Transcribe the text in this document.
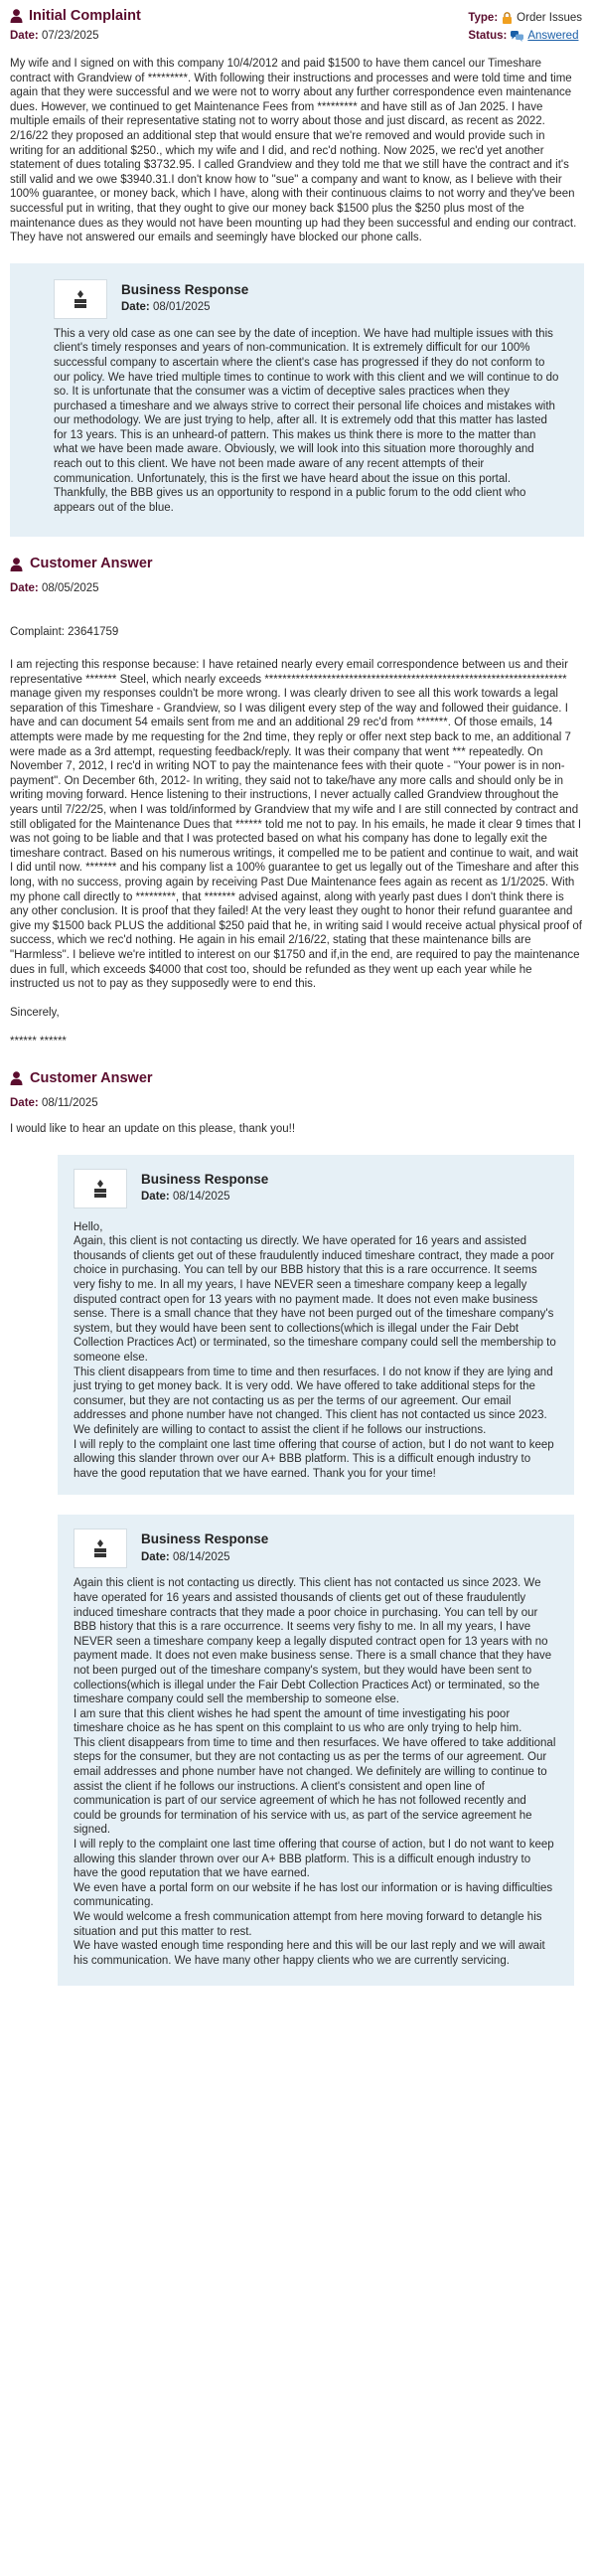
Initial Complaint
Date: 07/23/2025
Type: Order Issues
Status: Answered

My wife and I signed on with this company 10/4/2012 and paid $1500 to have them cancel our Timeshare contract with Grandview of *********. With following their instructions and processes and were told time and time again that they were successful and we were not to worry about any further correspondence even maintenance dues. However, we continued to get Maintenance Fees from ********* and have still as of Jan 2025. I have multiple emails of their representative stating not to worry about those and just discard, as recent as 2022. 2/16/22 they proposed an additional step that would ensure that we're removed and would provide such in writing for an additional $250., which my wife and I did, and rec'd nothing. Now 2025, we rec'd yet another statement of dues totaling $3732.95. I called Grandview and they told me that we still have the contract and it's still valid and we owe $3940.31.I don't know how to "sue" a company and want to know, as I believe with their 100% guarantee, or money back, which I have, along with their continuous claims to not worry and they've been successful put in writing, that they ought to give our money back $1500 plus the $250 plus most of the maintenance dues as they would not have been mounting up had they been successful and ending our contract. They have not answered our emails and seemingly have blocked our phone calls.

Business Response
Date: 08/01/2025
This a very old case as one can see by the date of inception. We have had multiple issues with this client's timely responses and years of non-communication. It is extremely difficult for our 100% successful company to ascertain where the client's case has progressed if they do not conform to our policy. We have tried multiple times to continue to work with this client and we will continue to do so. It is unfortunate that the consumer was a victim of deceptive sales practices when they purchased a timeshare and we always strive to correct their personal life choices and mistakes with our methodology. We are just trying to help, after all. It is extremely odd that this matter has lasted for 13 years. This is an unheard-of pattern. This makes us think there is more to the matter than what we have been made aware. Obviously, we will look into this situation more thoroughly and reach out to this client. We have not been made aware of any recent attempts of their communication. Unfortunately, this is the first we have heard about the issue on this portal. Thankfully, the BBB gives us an opportunity to respond in a public forum to the odd client who appears out of the blue.
Customer Answer
Date: 08/05/2025
Complaint: 23641759
I am rejecting this response because: I have retained nearly every email correspondence between us and their representative ******* Steel, which nearly exceeds ******************************************************************** manage given my responses couldn't be more wrong. I was clearly driven to see all this work towards a legal separation of this Timeshare - Grandview, so I was diligent every step of the way and followed their guidance. I have and can document 54 emails sent from me and an additional 29 rec'd from *******. Of those emails, 14 attempts were made by me requesting for the 2nd time, they reply or offer next step back to me, an additional 7 were made as a 3rd attempt, requesting feedback/reply. It was their company that went *** repeatedly. On November 7, 2012, I rec'd in writing NOT to pay the maintenance fees with their quote - "Your power is in non-payment". On December 6th, 2012- In writing, they said not to take/have any more calls and should only be in writing moving forward. Hence listening to their instructions, I never actually called Grandview throughout the years until 7/22/25, when I was told/informed by Grandview that my wife and I are still connected by contract and still obligated for the Maintenance Dues that ****** told me not to pay. In his emails, he made it clear 9 times that I was not going to be liable and that I was protected based on what his company has done to legally exit the timeshare contract. Based on his numerous writings, it compelled me to be patient and continue to wait, and wait I did until now. ******* and his company list a 100% guarantee to get us legally out of the Timeshare and after this long, with no success, proving again by receiving Past Due Maintenance fees again as recent as 1/1/2025. With my phone call directly to *********, that ******* advised against, along with yearly past dues I don't think there is any other conclusion. It is proof that they failed! At the very least they ought to honor their refund guarantee and give my $1500 back PLUS the additional $250 paid that he, in writing said I would receive actual physical proof of success, which we rec'd nothing. He again in his email 2/16/22, stating that these maintenance bills are "Harmless". I believe we're intitled to interest on our $1750 and if,in the end, are required to pay the maintenance dues in full, which exceeds $4000 that cost too, should be refunded as they went up each year while he instructed us not to pay as they supposedly were to end this.

Sincerely,

****** ******
Customer Answer
Date: 08/11/2025
I would like to hear an update on this please, thank you!!
Business Response
Date: 08/14/2025
Hello,
Again, this client is not contacting us directly. We have operated for 16 years and assisted thousands of clients get out of these fraudulently induced timeshare contract, they made a poor choice in purchasing. You can tell by our BBB history that this is a rare occurrence. It seems very fishy to me. In all my years, I have NEVER seen a timeshare company keep a legally disputed contract open for 13 years with no payment made. It does not even make business sense. There is a small chance that they have not been purged out of the timeshare company's system, but they would have been sent to collections(which is illegal under the Fair Debt Collection Practices Act) or terminated, so the timeshare company could sell the membership to someone else.
This client disappears from time to time and then resurfaces. I do not know if they are lying and just trying to get money back. It is very odd. We have offered to take additional steps for the consumer, but they are not contacting us as per the terms of our agreement. Our email addresses and phone number have not changed. This client has not contacted us since 2023.
We definitely are willing to contact to assist the client if he follows our instructions.
I will reply to the complaint one last time offering that course of action, but I do not want to keep allowing this slander thrown over our A+ BBB platform. This is a difficult enough industry to have the good reputation that we have earned. Thank you for your time!
Business Response
Date: 08/14/2025
Again this client is not contacting us directly. This client has not contacted us since 2023. We have operated for 16 years and assisted thousands of clients get out of these fraudulently induced timeshare contracts that they made a poor choice in purchasing. You can tell by our BBB history that this is a rare occurrence. It seems very fishy to me. In all my years, I have NEVER seen a timeshare company keep a legally disputed contract open for 13 years with no payment made. It does not even make business sense. There is a small chance that they have not been purged out of the timeshare company's system, but they would have been sent to collections(which is illegal under the Fair Debt Collection Practices Act) or terminated, so the timeshare company could sell the membership to someone else.
I am sure that this client wishes he had spent the amount of time investigating his poor timeshare choice as he has spent on this complaint to us who are only trying to help him.
This client disappears from time to time and then resurfaces. We have offered to take additional steps for the consumer, but they are not contacting us as per the terms of our agreement. Our email addresses and phone number have not changed. We definitely are willing to continue to assist the client if he follows our instructions. A client's consistent and open line of communication is part of our service agreement of which he has not followed recently and could be grounds for termination of his service with us, as part of the service agreement he signed.
I will reply to the complaint one last time offering that course of action, but I do not want to keep allowing this slander thrown over our A+ BBB platform. This is a difficult enough industry to have the good reputation that we have earned.
We even have a portal form on our website if he has lost our information or is having difficulties communicating.
We would welcome a fresh communication attempt from here moving forward to detangle his situation and put this matter to rest.
We have wasted enough time responding here and this will be our last reply and we will await his communication. We have many other happy clients who we are currently servicing.
